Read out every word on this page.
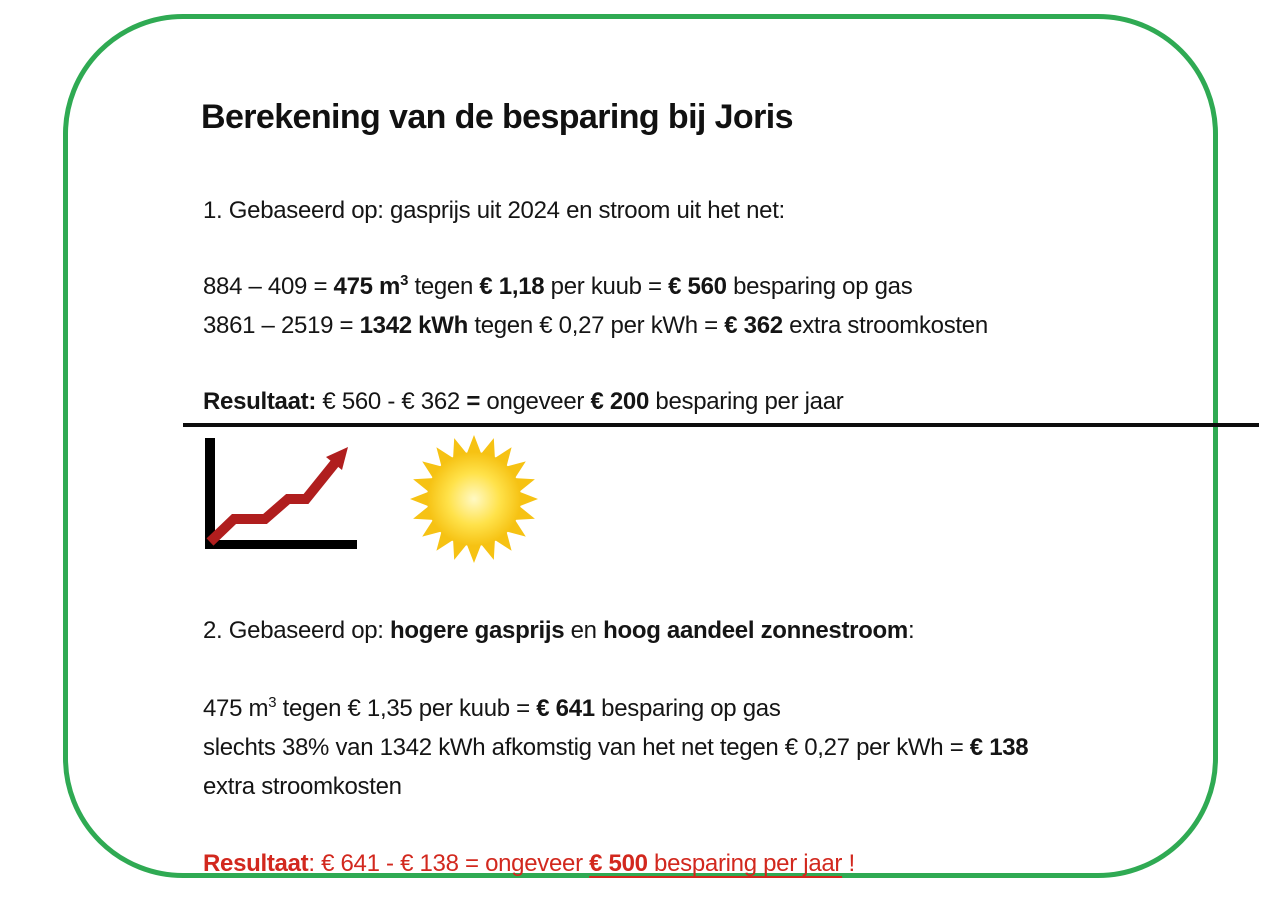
Berekening van de besparing bij Joris

1. Gebaseerd op: gasprijs uit 2024 en stroom uit het net:

884 – 409 = 475 $m^3$ tegen € 1,18 per kuub = € 560 besparing op gas

3861 – 2519 = 1342 kWh tegen € 0,27 per kWh = € 362 extra stroomkosten

Resultaat: € 560 - € 362 = ongeveer € 200 besparing per jaar

2. Gebaseerd op: hogere gasprijs en hoog aandeel zonnestroom:

475 $m^3$ tegen € 1,35 per kuub = € 641 besparing op gas

slechts 38% van 1342 kWh afkomstig van het net tegen € 0,27 per kWh = € 138

extra stroomkosten

Resultaat: € 641 - € 138 = ongeveer € 500 besparing per jaar !
